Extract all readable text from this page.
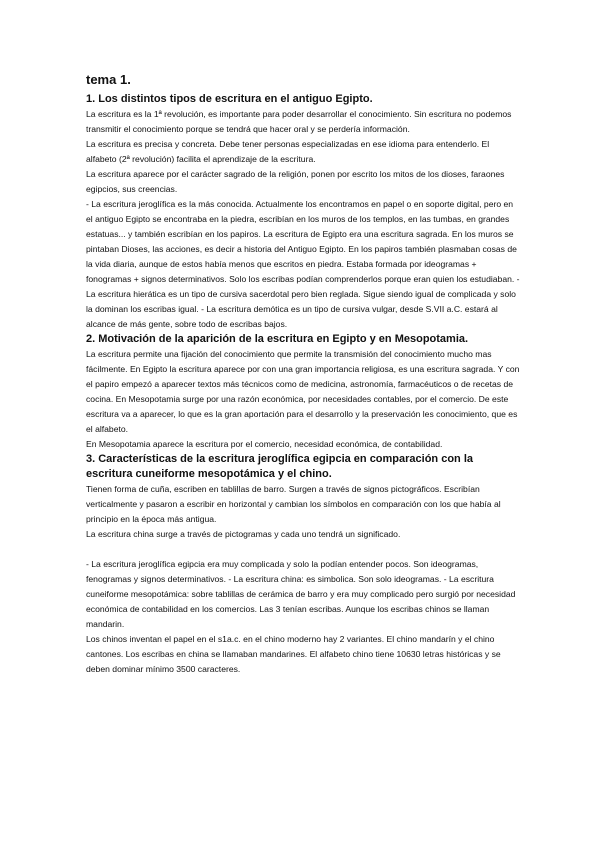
tema 1.
1. Los distintos tipos de escritura en el antiguo Egipto.

La escritura es la 1ª revolución, es importante para poder desarrollar el conocimiento. Sin escritura no podemos transmitir el conocimiento porque se tendrá que hacer oral y se perdería información.

La escritura es precisa y concreta. Debe tener personas especializadas en ese idioma para entenderlo. El alfabeto (2ª revolución) facilita el aprendizaje de la escritura.

La escritura aparece por el carácter sagrado de la religión, ponen por escrito los mitos de los dioses, faraones egipcios, sus creencias.

- La escritura jeroglífica es la más conocida. Actualmente los encontramos en papel o en soporte digital, pero en el antiguo Egipto se encontraba en la piedra, escribían en los muros de los templos, en las tumbas, en grandes estatuas... y también escribían en los papiros. La escritura de Egipto era una escritura sagrada. En los muros se pintaban Dioses, las acciones, es decir a historia del Antiguo Egipto. En los papiros también plasmaban cosas de la vida diaria, aunque de estos había menos que escritos en piedra. Estaba formada por ideogramas + fonogramas + signos determinativos. Solo los escribas podían comprenderlos porque eran quien los estudiaban. - La escritura hierática es un tipo de cursiva sacerdotal pero bien reglada. Sigue siendo igual de complicada y solo la dominan los escribas igual. - La escritura demótica es un tipo de cursiva vulgar, desde S.VII a.C. estará al alcance de más gente, sobre todo de escribas bajos.

2. Motivación de la aparición de la escritura en Egipto y en Mesopotamia.

La escritura permite una fijación del conocimiento que permite la transmisión del conocimiento mucho mas fácilmente. En Egipto la escritura aparece por con una gran importancia religiosa, es una escritura sagrada. Y con el papiro empezó a aparecer textos más técnicos como de medicina, astronomía, farmacéuticos o de recetas de cocina. En Mesopotamia surge por una razón económica, por necesidades contables, por el comercio. De este escritura va a aparecer, lo que es la gran aportación para el desarrollo y la preservación les conocimiento, que es el alfabeto.

En Mesopotamia aparece la escritura por el comercio, necesidad económica, de contabilidad.

3. Características de la escritura jeroglífica egipcia en comparación con la escritura cuneiforme mesopotámica y el chino.

Tienen forma de cuña, escriben en tablillas de barro. Surgen a través de signos pictográficos. Escribían verticalmente y pasaron a escribir en horizontal y cambian los símbolos en comparación con los que había al principio en la época más antigua.

La escritura china surge a través de pictogramas y cada uno tendrá un significado.

- La escritura jeroglífica egipcia era muy complicada y solo la podían entender pocos. Son ideogramas, fenogramas y signos determinativos. - La escritura china: es simbolica. Son solo ideogramas. - La escritura cuneiforme mesopotámica: sobre tablillas de cerámica de barro y era muy complicado pero surgió por necesidad económica de contabilidad en los comercios. Las 3 tenían escribas. Aunque los escribas chinos se llaman mandarin.

Los chinos inventan el papel en el s1a.c. en el chino moderno hay 2 variantes. El chino mandarín y el chino cantones. Los escribas en china se llamaban mandarines. El alfabeto chino tiene 10630 letras históricas y se deben dominar mínimo 3500 caracteres.
